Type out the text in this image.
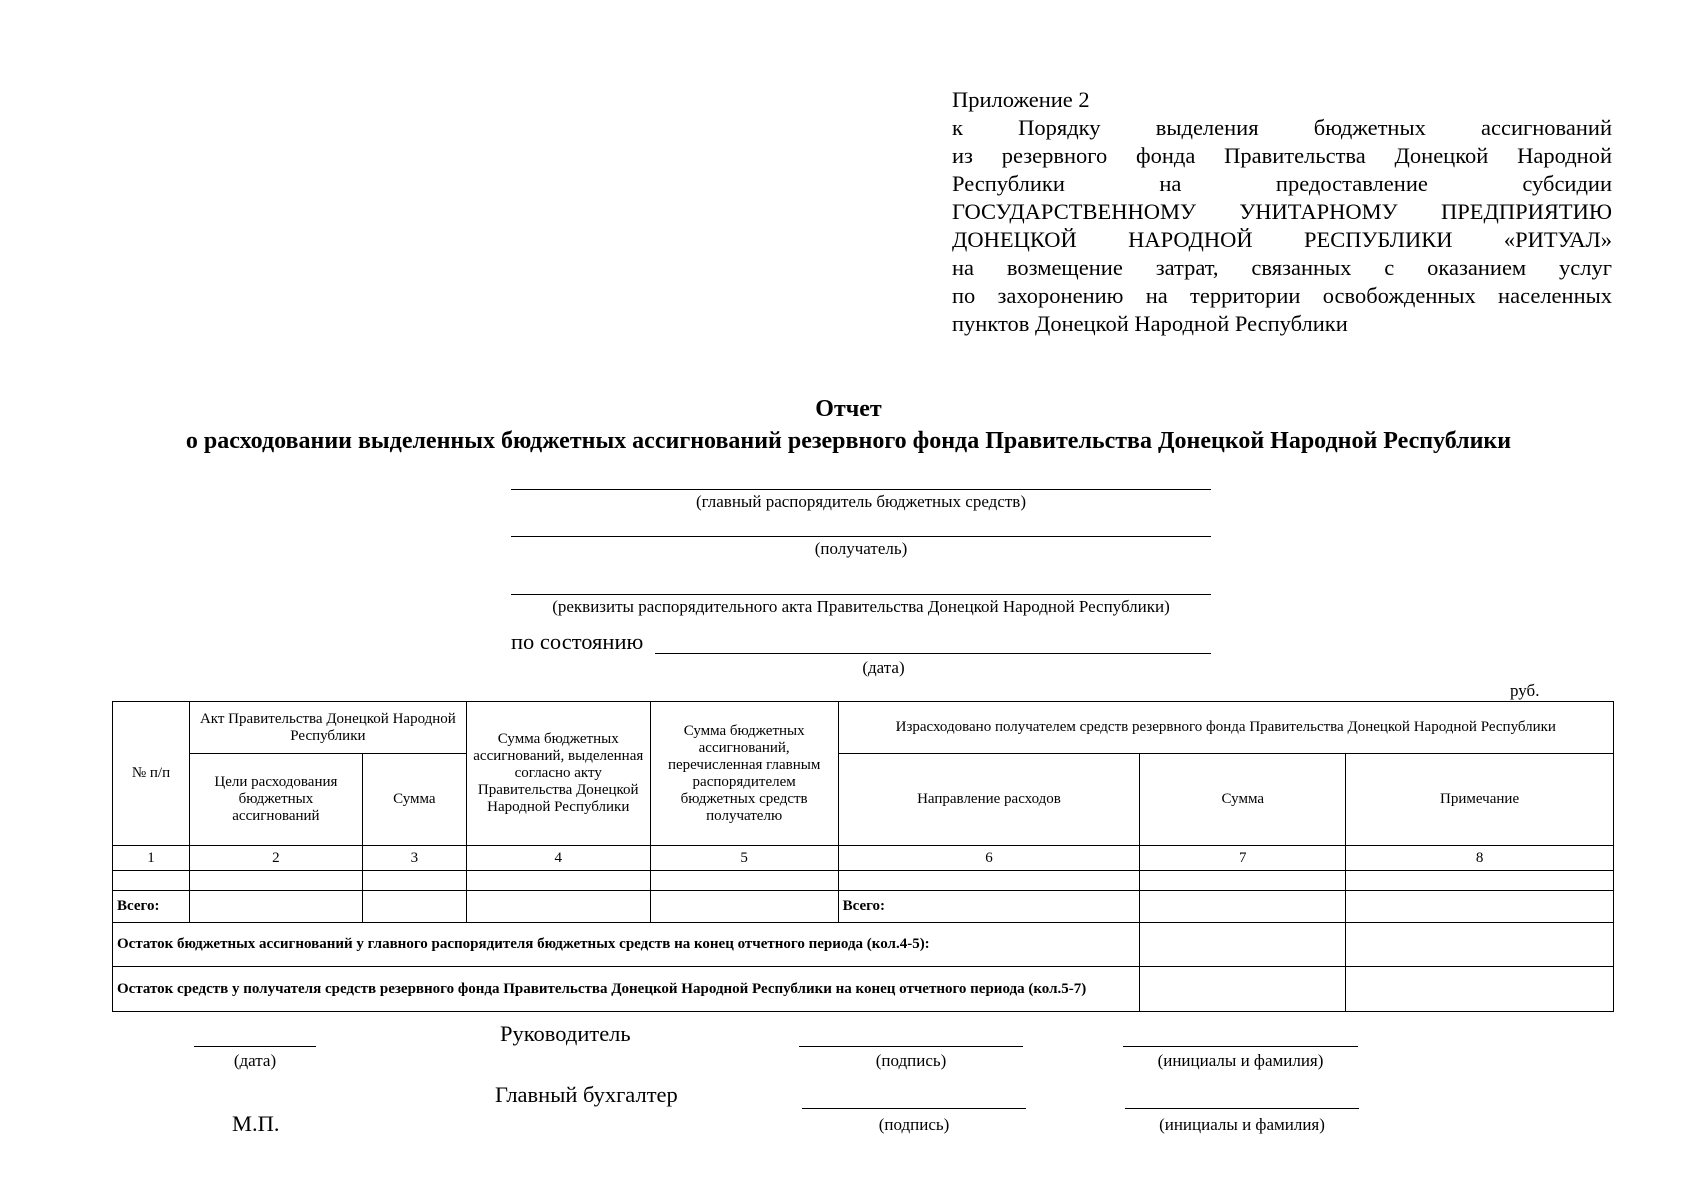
Приложение 2
к Порядку выделения бюджетных ассигнований
из резервного фонда Правительства Донецкой Народной
Республики на предоставление субсидии
ГОСУДАРСТВЕННОМУ УНИТАРНОМУ ПРЕДПРИЯТИЮ
ДОНЕЦКОЙ НАРОДНОЙ РЕСПУБЛИКИ «РИТУАЛ»
на возмещение затрат, связанных с оказанием услуг
по захоронению на территории освобожденных населенных
пунктов Донецкой Народной Республики
Отчет
о расходовании выделенных бюджетных ассигнований резервного фонда Правительства Донецкой Народной Республики
(главный распорядитель бюджетных средств)
(получатель)
(реквизиты распорядительного акта Правительства Донецкой Народной Республики)
по состоянию
(дата)
руб.
№ п/п	Акт Правительства Донецкой Народной Республики		Сумма бюджетных ассигнований, выделенная согласно акту Правительства Донецкой Народной Республики	Сумма бюджетных ассигнований, перечисленная главным распорядителем бюджетных средств получателю	Израсходовано получателем средств резервного фонда Правительства Донецкой Народной Республики		
	Цели расходования бюджетных ассигнований	Сумма			Направление расходов	Сумма	Примечание
1	2	3	4	5	6	7	8

Всего:					Всего:		
Остаток бюджетных ассигнований у главного распорядителя бюджетных средств на конец отчетного периода (кол.4-5):							
Остаток средств у получателя средств резервного фонда Правительства Донецкой Народной Республики на конец отчетного периода (кол.5-7)							
(дата)
Руководитель
(подпись)	(инициалы и фамилия)
Главный бухгалтер
(подпись)	(инициалы и фамилия)
М.П.
